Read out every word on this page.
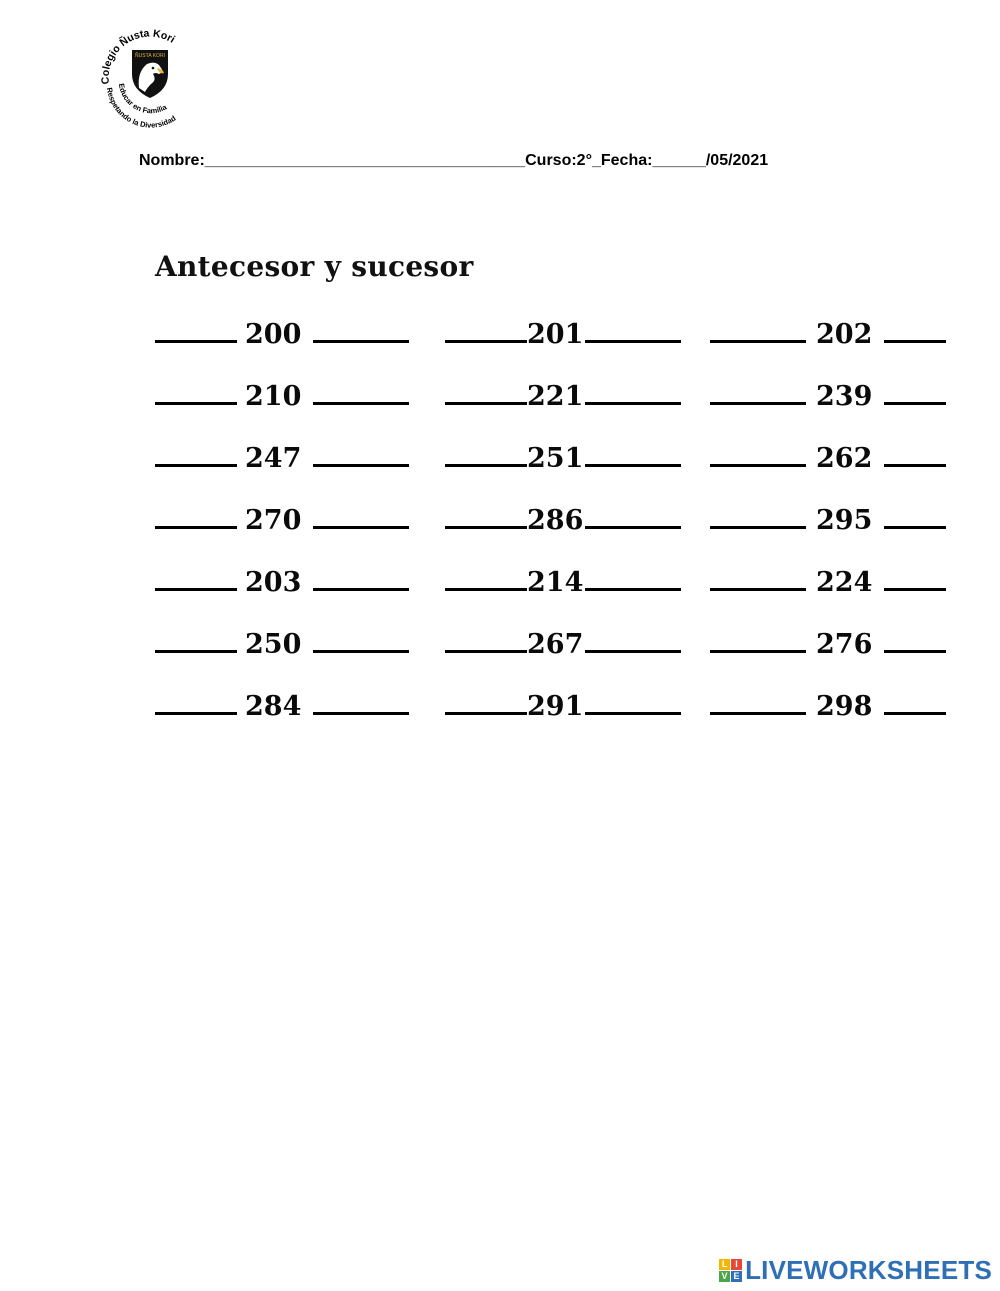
Colegio Ñusta Kori
ÑUSTA KORI
Educar en Familia
Respetando la Diversidad
Nombre:____________________________________Curso:2°_Fecha:______/05/2021
Antecesor y sucesor
200	201	202
210	221	239
247	251	262
270	286	295
203	214	224
250	267	276
284	291	298
L I
V E LIVEWORKSHEETS
